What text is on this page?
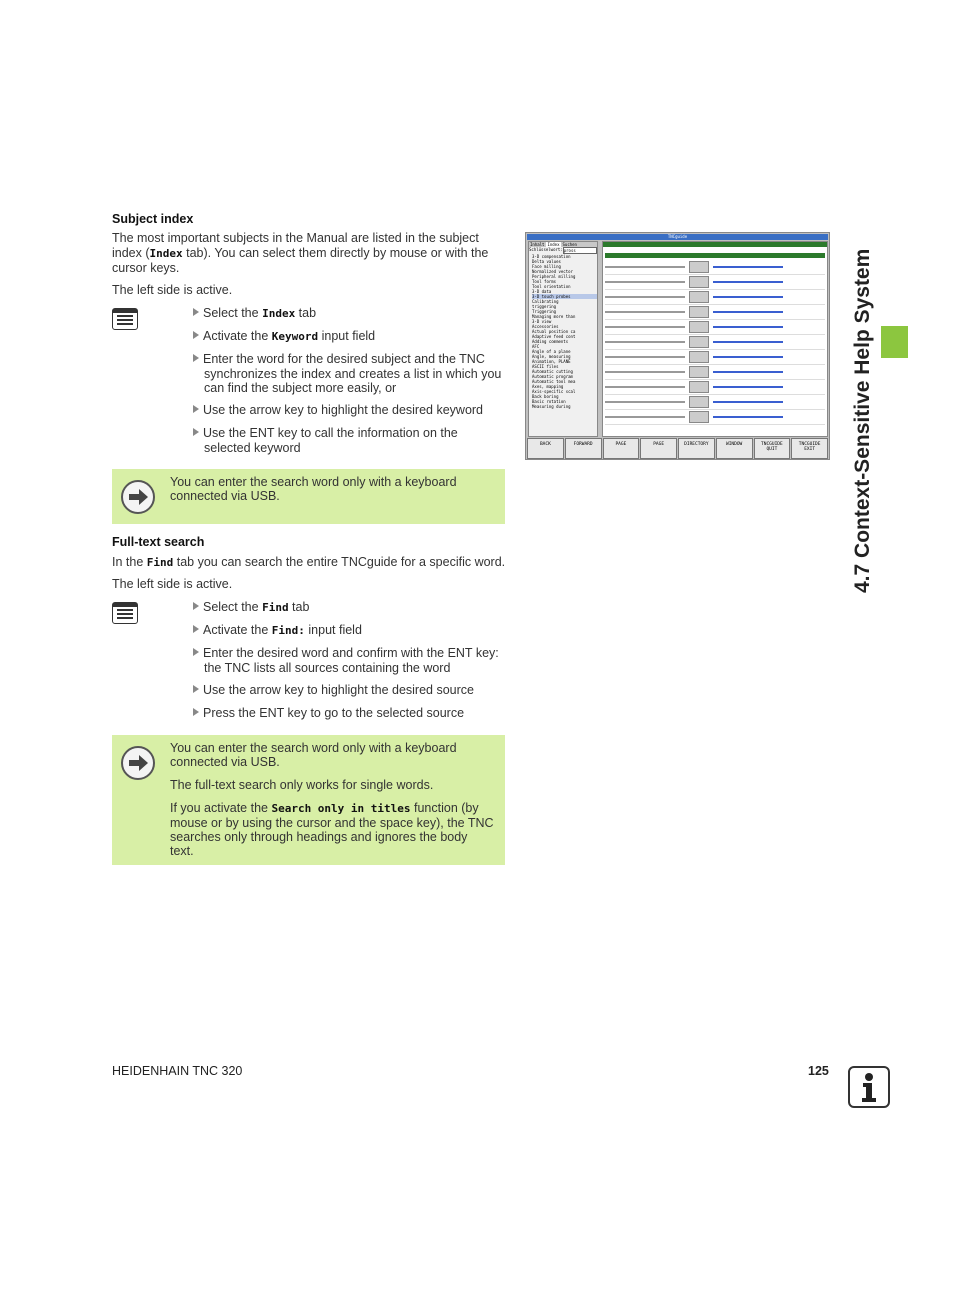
4.7 Context-Sensitive Help System
Subject index
The most important subjects in the Manual are listed in the subject
index (Index tab). You can select them directly by mouse or with the
cursor keys.
The left side is active.
Select the Index tab
Activate the Keyword input field
Enter the word for the desired subject and the TNC
synchronizes the index and creates a list in which you
can find the subject more easily, or
Use the arrow key to highlight the desired keyword
Use the ENT key to call the information on the
selected keyword
You can enter the search word only with a keyboard
connected via USB.
Full-text search
In the Find tab you can search the entire TNCguide for a specific word.
The left side is active.
Select the Find tab
Activate the Find: input field
Enter the desired word and confirm with the ENT key:
the TNC lists all sources containing the word
Use the arrow key to highlight the desired source
Press the ENT key to go to the selected source
You can enter the search word only with a keyboard
connected via USB.
The full-text search only works for single words.
If you activate the Search only in titles function (by
mouse or by using the cursor and the space key), the TNC
searches only through headings and ignores the body
text.
TNCguide
Inhalt Index Suchen
Schlüsselwort: pross
3-D compensation
Delta values
Face milling
Normalized vector
Peripheral milling
Tool forms
Tool orientation
3-D data
3-D touch probes
Calibrating
triggering
Triggering
Managing more than
3-D view
Accessories
Actual position ca
Adaptive feed cont
Adding comments
AFC
Angle of a plane
Angle, measuring
Animation, PLANE
ASCII files
Automatic cutting
Automatic program
Automatic tool mea
Axes, mapping
Axis-specific scal
Back boring
Basic rotation
Measuring during
BACK	FORWARD	PAGE	PAGE	DIRECTORY	WINDOW	TNCGUIDE QUIT
TNCGUIDE EXIT
HEIDENHAIN TNC 320	125
